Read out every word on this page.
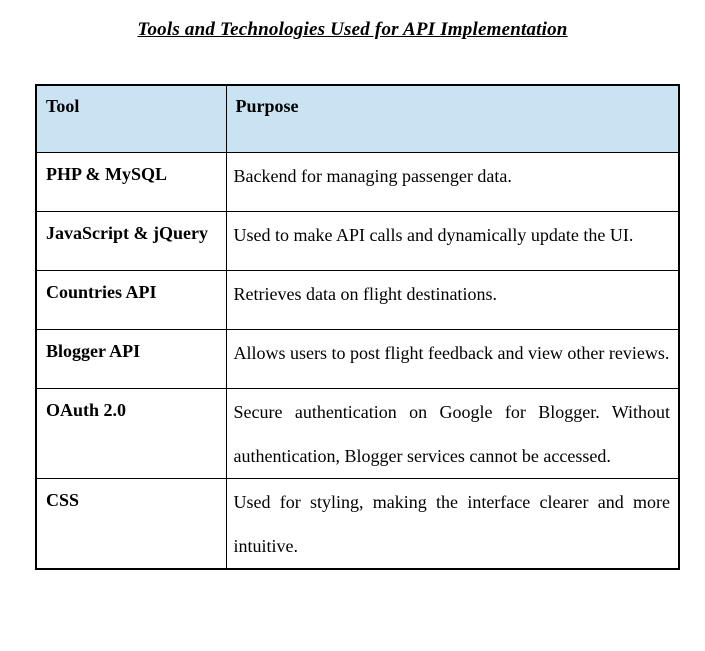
Tools and Technologies Used for API Implementation
Tool	Purpose
PHP & MySQL	Backend for managing passenger data.
JavaScript & jQuery	Used to make API calls and dynamically update the UI.
Countries API	Retrieves data on flight destinations.
Blogger API	Allows users to post flight feedback and view other reviews.
OAuth 2.0	Secure authentication on Google for Blogger. Without authentication, Blogger services cannot be accessed.
CSS	Used for styling, making the interface clearer and more intuitive.
